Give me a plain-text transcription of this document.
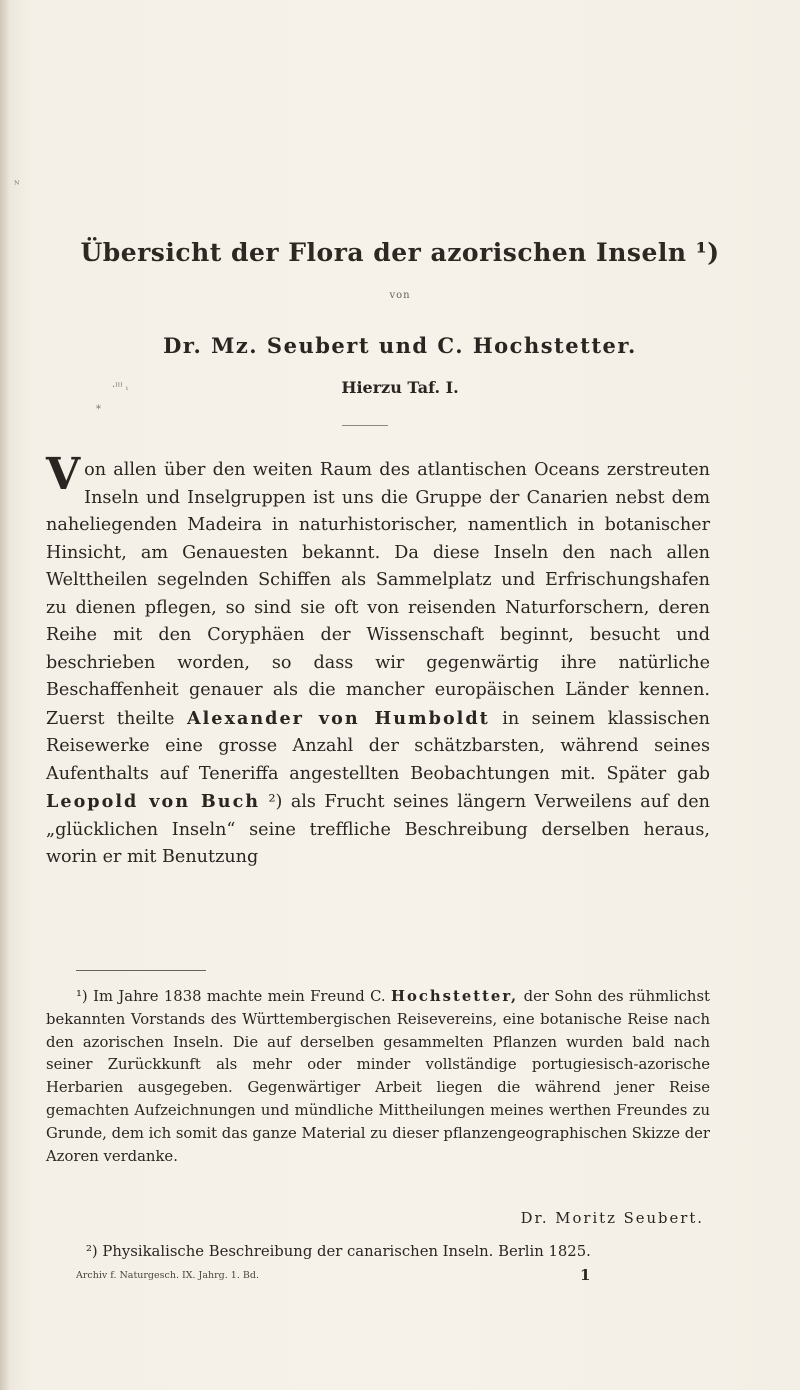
ᴺ
·ᴵᴵᴵ ᵢ
*
Übersicht der Flora der azorischen Inseln ¹)
von
Dr. Mz. Seubert und C. Hochstetter.
Hierzu Taf. I.
Von allen über den weiten Raum des atlantischen Oceans zerstreuten Inseln und Inselgruppen ist uns die Gruppe der Canarien nebst dem naheliegenden Madeira in naturhistorischer, namentlich in botanischer Hinsicht, am Genauesten bekannt. Da diese Inseln den nach allen Welttheilen segelnden Schiffen als Sammelplatz und Erfrischungshafen zu dienen pflegen, so sind sie oft von reisenden Naturforschern, deren Reihe mit den Coryphäen der Wissenschaft beginnt, besucht und beschrieben worden, so dass wir gegenwärtig ihre natürliche Beschaffenheit genauer als die mancher europäischen Länder kennen. Zuerst theilte Alexander von Humboldt in seinem klassischen Reisewerke eine grosse Anzahl der schätzbarsten, während seines Aufenthalts auf Teneriffa angestellten Beobachtungen mit. Später gab Leopold von Buch ²) als Frucht seines längern Verweilens auf den „glücklichen Inseln“ seine treffliche Beschreibung derselben heraus, worin er mit Benutzung
¹) Im Jahre 1838 machte mein Freund C. Hochstetter, der Sohn des rühmlichst bekannten Vorstands des Württembergischen Reisevereins, eine botanische Reise nach den azorischen Inseln. Die auf derselben gesammelten Pflanzen wurden bald nach seiner Zurückkunft als mehr oder minder vollständige portugiesisch-azorische Herbarien ausgegeben. Gegenwärtiger Arbeit liegen die während jener Reise gemachten Aufzeichnungen und mündliche Mittheilungen meines werthen Freundes zu Grunde, dem ich somit das ganze Material zu dieser pflanzengeographischen Skizze der Azoren verdanke.
Dr. Moritz Seubert.
²) Physikalische Beschreibung der canarischen Inseln. Berlin 1825.
Archiv f. Naturgesch. IX. Jahrg. 1. Bd.	1
